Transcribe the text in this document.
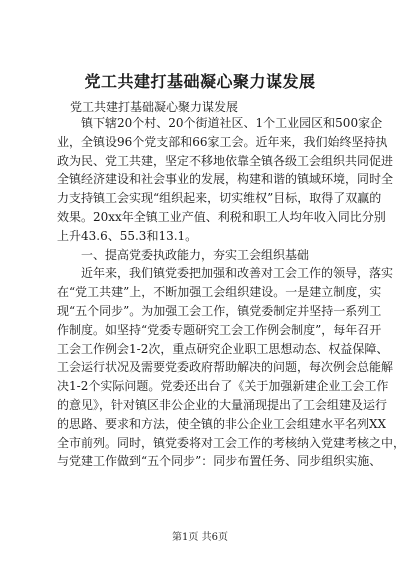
党工共建打基础凝心聚力谋发展
党工共建打基础凝心聚力谋发展
镇下辖20个村、20个街道社区、1个工业园区和500家企
业，全镇设96个党支部和66家工会。近年来，我们始终坚持执
政为民、党工共建，坚定不移地依靠全镇各级工会组织共同促进
全镇经济建设和社会事业的发展，构建和谐的镇域环境，同时全
力支持镇工会实现“组织起来，切实维权”目标，取得了双赢的
效果。20xx年全镇工业产值、利税和职工人均年收入同比分别
上升43.6、55.3和13.1。
一、提高党委执政能力，夯实工会组织基础
近年来，我们镇党委把加强和改善对工会工作的领导，落实
在“党工共建”上，不断加强工会组织建设。一是建立制度，实
现“五个同步”。为加强工会工作，镇党委制定并坚持一系列工
作制度。如坚持“党委专题研究工会工作例会制度”，每年召开
工会工作例会1-2次，重点研究企业职工思想动态、权益保障、
工会运行状况及需要党委政府帮助解决的问题，每次例会总能解
决1-2个实际问题。党委还出台了《关于加强新建企业工会工作
的意见》，针对镇区非公企业的大量涌现提出了工会组建及运行
的思路、要求和方法，使全镇的非公企业工会组建水平名列XX
全市前列。同时，镇党委将对工会工作的考核纳入党建考核之中，
与党建工作做到“五个同步”：同步布置任务、同步组织实施、
第1页 共6页
